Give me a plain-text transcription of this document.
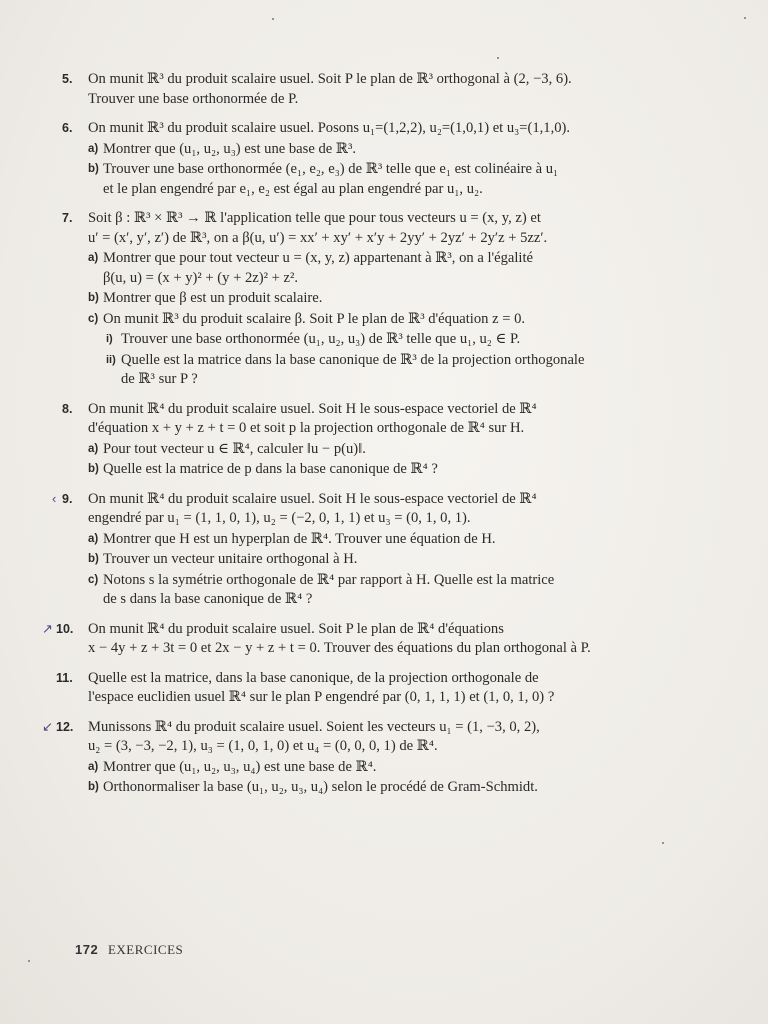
5. On munit ℝ³ du produit scalaire usuel. Soit P le plan de ℝ³ orthogonal à (2, −3, 6).
Trouver une base orthonormée de P.
6. On munit ℝ³ du produit scalaire usuel. Posons u₁=(1,2,2), u₂=(1,0,1) et u₃=(1,1,0).
a) Montrer que (u₁, u₂, u₃) est une base de ℝ³.
b) Trouver une base orthonormée (e₁, e₂, e₃) de ℝ³ telle que e₁ est colinéaire à u₁
et le plan engendré par e₁, e₂ est égal au plan engendré par u₁, u₂.
7. Soit β : ℝ³ × ℝ³ → ℝ l'application telle que pour tous vecteurs u = (x, y, z) et
u′ = (x′, y′, z′) de ℝ³, on a β(u, u′) = xx′ + xy′ + x′y + 2yy′ + 2yz′ + 2y′z + 5zz′.
a) Montrer que pour tout vecteur u = (x, y, z) appartenant à ℝ³, on a l'égalité
β(u, u) = (x + y)² + (y + 2z)² + z².
b) Montrer que β est un produit scalaire.
c) On munit ℝ³ du produit scalaire β. Soit P le plan de ℝ³ d'équation z = 0.
i) Trouver une base orthonormée (u₁, u₂, u₃) de ℝ³ telle que u₁, u₂ ∈ P.
ii) Quelle est la matrice dans la base canonique de ℝ³ de la projection orthogonale
de ℝ³ sur P ?
8. On munit ℝ⁴ du produit scalaire usuel. Soit H le sous-espace vectoriel de ℝ⁴
d'équation x + y + z + t = 0 et soit p la projection orthogonale de ℝ⁴ sur H.
a) Pour tout vecteur u ∈ ℝ⁴, calculer ‖u − p(u)‖.
b) Quelle est la matrice de p dans la base canonique de ℝ⁴ ?
‹ 9. On munit ℝ⁴ du produit scalaire usuel. Soit H le sous-espace vectoriel de ℝ⁴
engendré par u₁ = (1, 1, 0, 1), u₂ = (−2, 0, 1, 1) et u₃ = (0, 1, 0, 1).
a) Montrer que H est un hyperplan de ℝ⁴. Trouver une équation de H.
b) Trouver un vecteur unitaire orthogonal à H.
c) Notons s la symétrie orthogonale de ℝ⁴ par rapport à H. Quelle est la matrice
de s dans la base canonique de ℝ⁴ ?
↗ 10. On munit ℝ⁴ du produit scalaire usuel. Soit P le plan de ℝ⁴ d'équations
x − 4y + z + 3t = 0 et 2x − y + z + t = 0. Trouver des équations du plan orthogonal à P.
11. Quelle est la matrice, dans la base canonique, de la projection orthogonale de
l'espace euclidien usuel ℝ⁴ sur le plan P engendré par (0, 1, 1, 1) et (1, 0, 1, 0) ?
↙ 12. Munissons ℝ⁴ du produit scalaire usuel. Soient les vecteurs u₁ = (1, −3, 0, 2),
u₂ = (3, −3, −2, 1), u₃ = (1, 0, 1, 0) et u₄ = (0, 0, 0, 1) de ℝ⁴.
a) Montrer que (u₁, u₂, u₃, u₄) est une base de ℝ⁴.
b) Orthonormaliser la base (u₁, u₂, u₃, u₄) selon le procédé de Gram-Schmidt.
172 EXERCICES
